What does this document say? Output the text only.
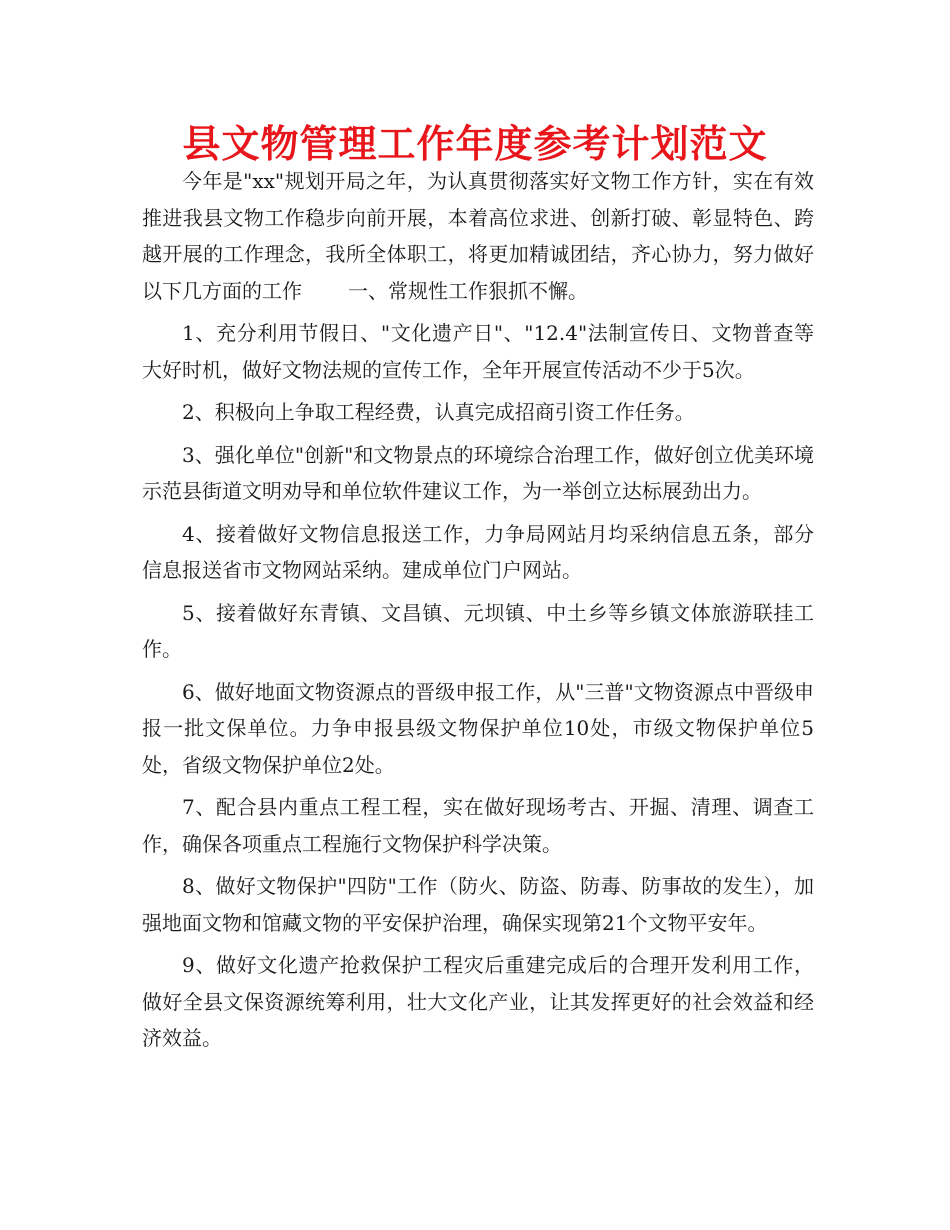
县文物管理工作年度参考计划范文

今年是"xx"规划开局之年，为认真贯彻落实好文物工作方针，实在有效推进我县文物工作稳步向前开展，本着高位求进、创新打破、彰显特色、跨越开展的工作理念，我所全体职工，将更加精诚团结，齐心协力，努力做好以下几方面的工作 一、常规性工作狠抓不懈。

1、充分利用节假日、"文化遗产日"、"12.4"法制宣传日、文物普查等大好时机，做好文物法规的宣传工作，全年开展宣传活动不少于5次。

2、积极向上争取工程经费，认真完成招商引资工作任务。

3、强化单位"创新"和文物景点的环境综合治理工作，做好创立优美环境示范县街道文明劝导和单位软件建议工作，为一举创立达标展劲出力。

4、接着做好文物信息报送工作，力争局网站月均采纳信息五条，部分信息报送省市文物网站采纳。建成单位门户网站。

5、接着做好东青镇、文昌镇、元坝镇、中土乡等乡镇文体旅游联挂工作。

6、做好地面文物资源点的晋级申报工作，从"三普"文物资源点中晋级申报一批文保单位。力争申报县级文物保护单位10处，市级文物保护单位5处，省级文物保护单位2处。

7、配合县内重点工程工程，实在做好现场考古、开掘、清理、调查工作，确保各项重点工程施行文物保护科学决策。

8、做好文物保护"四防"工作（防火、防盗、防毒、防事故的发生），加强地面文物和馆藏文物的平安保护治理，确保实现第21个文物平安年。

9、做好文化遗产抢救保护工程灾后重建完成后的合理开发利用工作，做好全县文保资源统筹利用，壮大文化产业，让其发挥更好的社会效益和经济效益。
